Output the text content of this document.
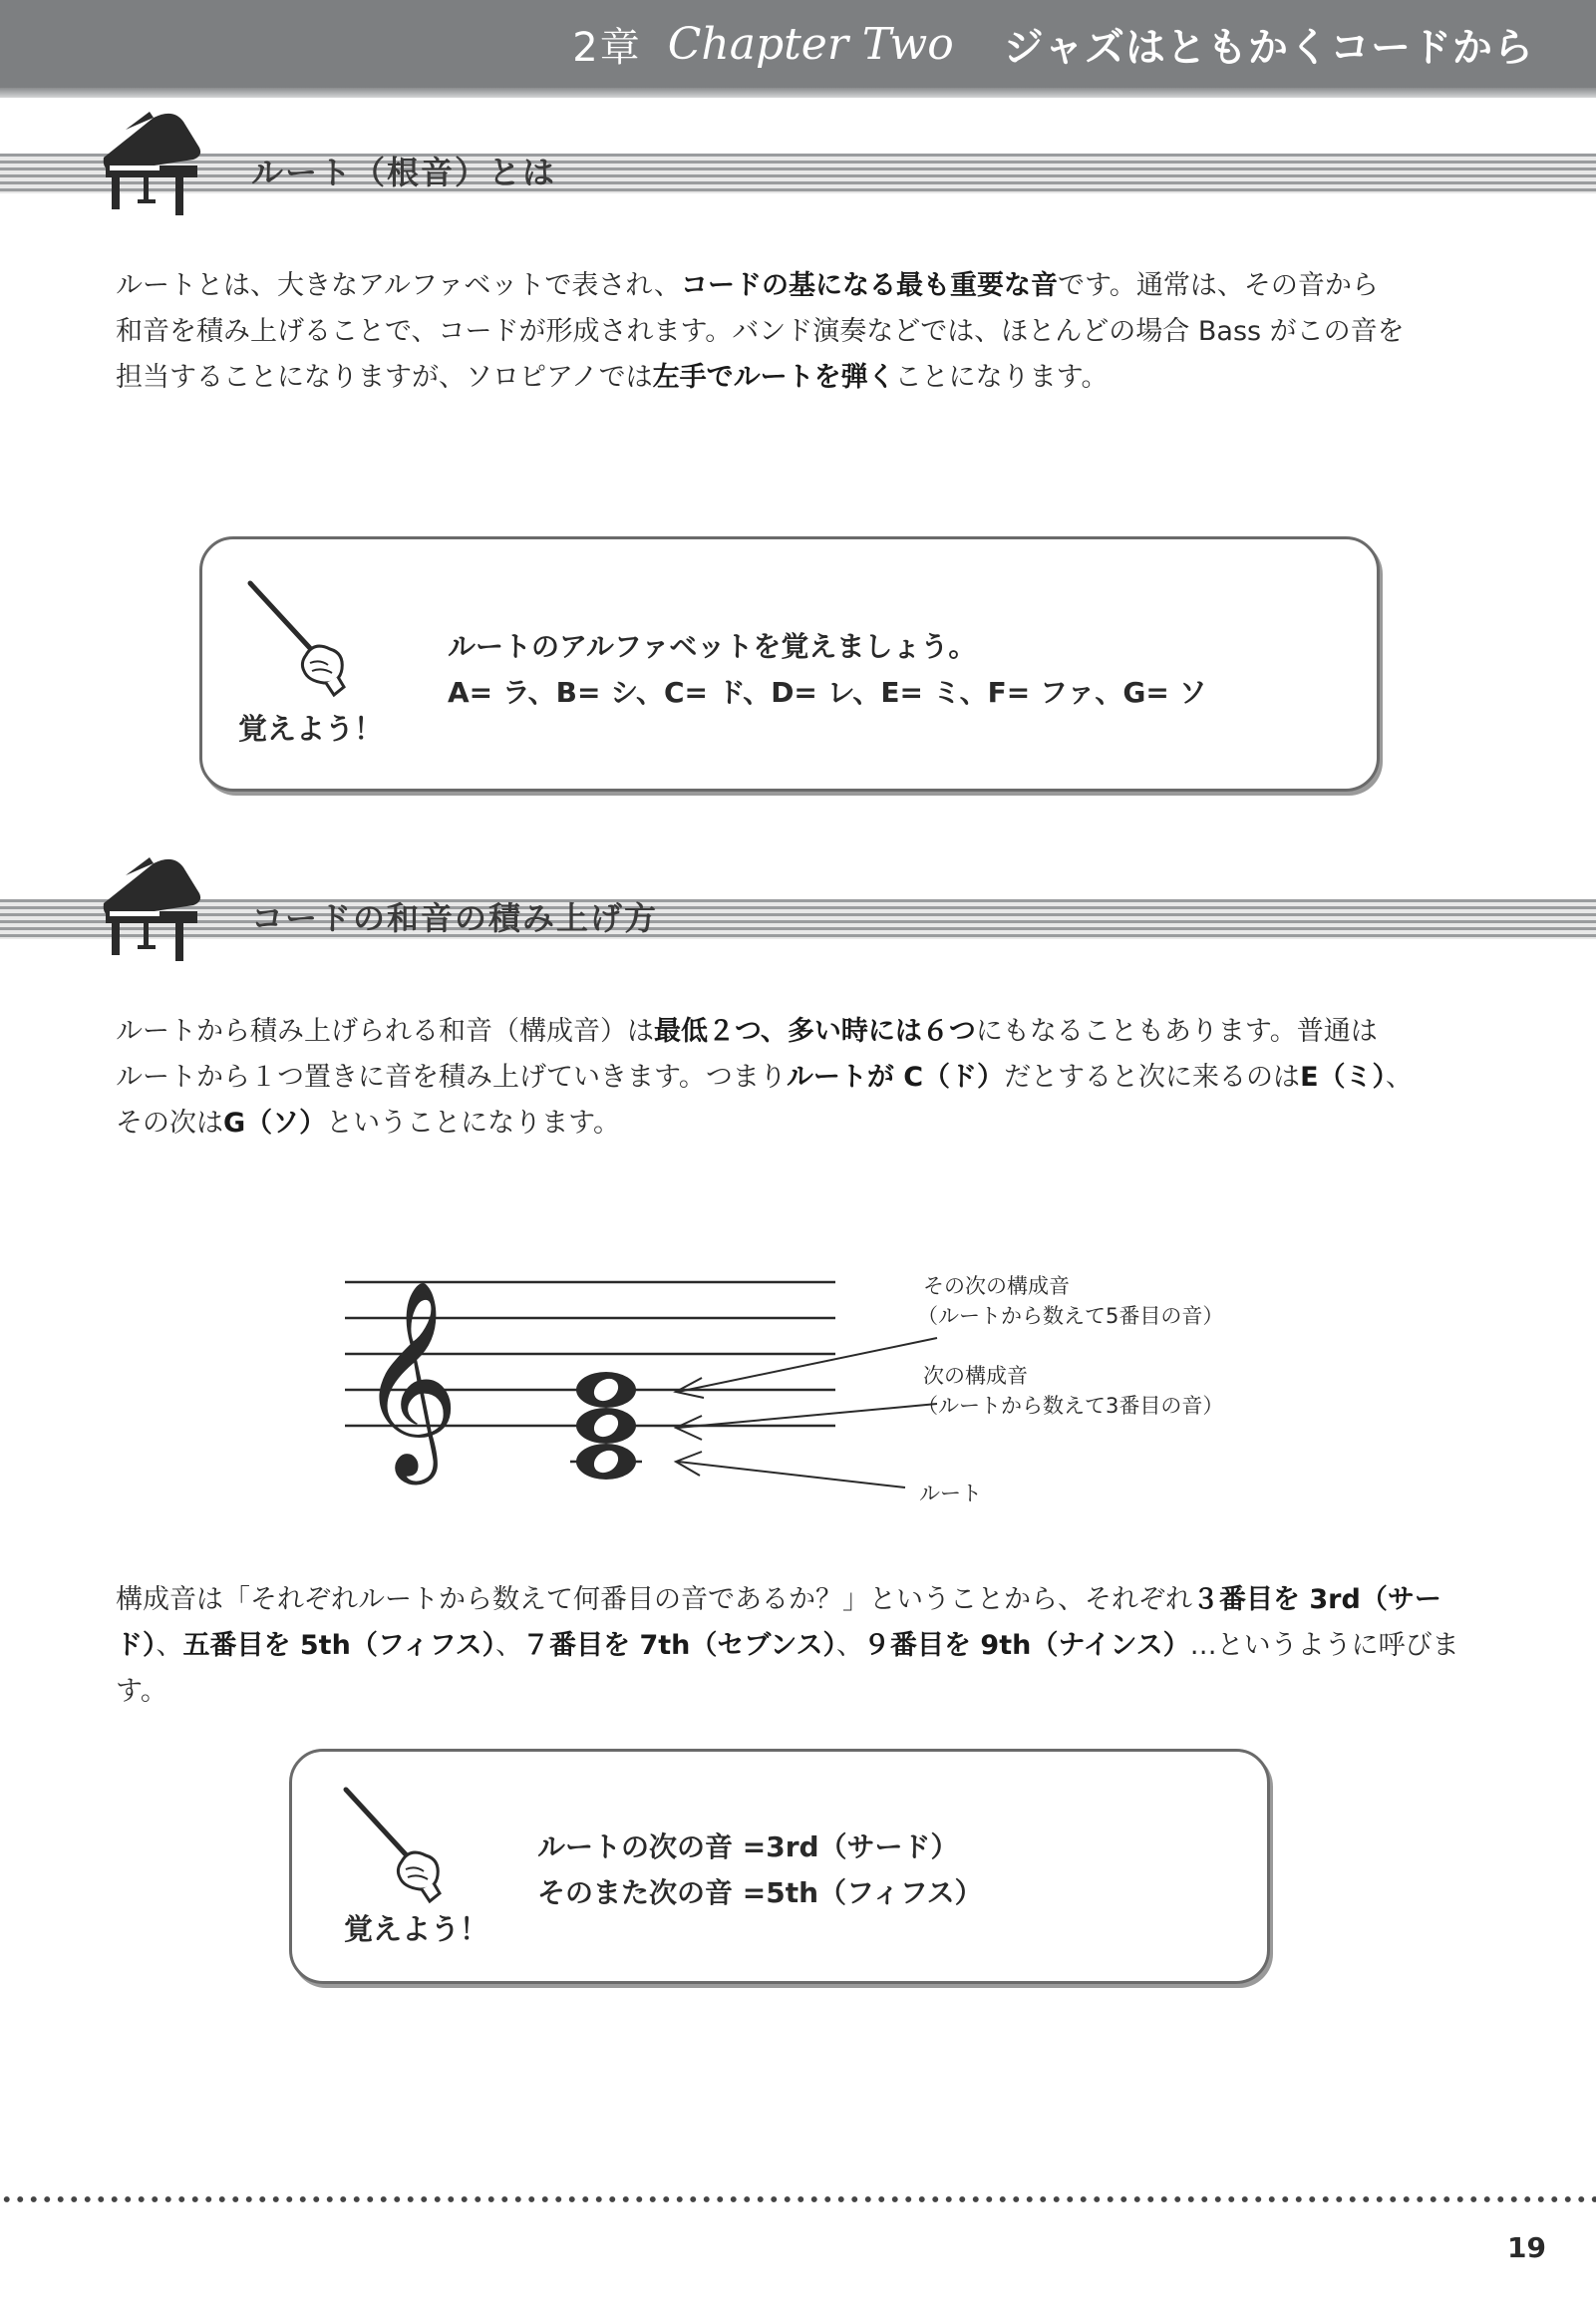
2章 Chapter Two ジャズはともかくコードから
ルート（根音）とは

ルートとは、大きなアルファベットで表され、コードの基になる最も重要な音です。通常は、その音から
和音を積み上げることで、コードが形成されます。バンド演奏などでは、ほとんどの場合 Bass がこの音を
担当することになりますが、ソロピアノでは左手でルートを弾くことになります。

覚えよう！
ルートのアルファベットを覚えましょう。
A= ラ、B= シ、C= ド、D= レ、E= ミ、F= ファ、G= ソ
コードの和音の積み上げ方

ルートから積み上げられる和音（構成音）は最低２つ、多い時には６つにもなることもあります。普通は
ルートから１つ置きに音を積み上げていきます。つまりルートが C（ド）だとすると次に来るのはE（ミ）、
その次はG（ソ）ということになります。

𝄞	その次の構成音
（ルートから数えて5番目の音）
次の構成音
（ルートから数えて3番目の音）
ルート

構成音は「それぞれルートから数えて何番目の音であるか？」ということから、それぞれ３番目を 3rd（サー
ド）、五番目を 5th（フィフス）、７番目を 7th（セブンス）、９番目を 9th（ナインス）…というように呼びます。

覚えよう！
ルートの次の音 =3rd（サード）
そのまた次の音 =5th（フィフス）
19
